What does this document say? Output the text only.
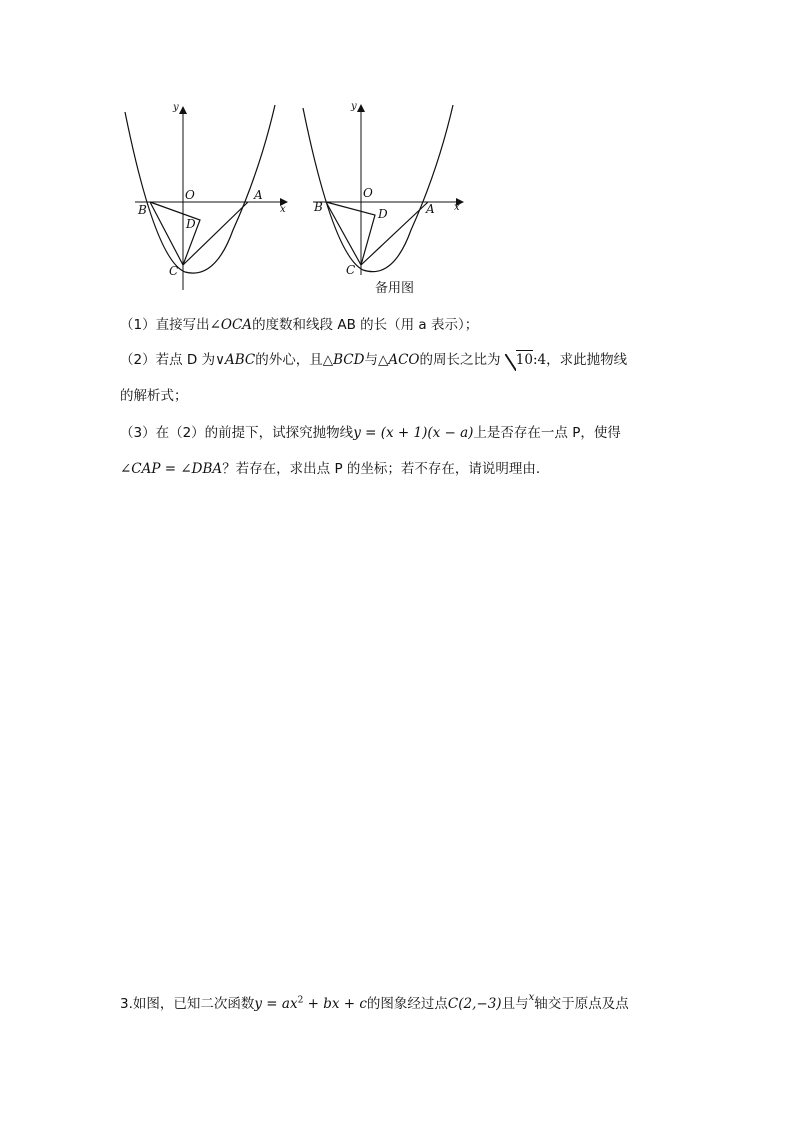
y
x
O	A
B
D
C
y
x
O
A
B	D
C
备用图
（1）直接写出∠OCA的度数和线段 AB 的长（用 a 表示）；
（2）若点 D 为∨ABC的外心，且△BCD与△ACO的周长之比为 10:4，求此抛物线
的解析式；
（3）在（2）的前提下，试探究抛物线y = (x + 1)(x − a)上是否存在一点 P，使得
∠CAP = ∠DBA？若存在，求出点 P 的坐标；若不存在，请说明理由.
3.如图，已知二次函数$y = ax^2$ + bx + c的图象经过点C(2,−3)且与$^x$轴交于原点及点
